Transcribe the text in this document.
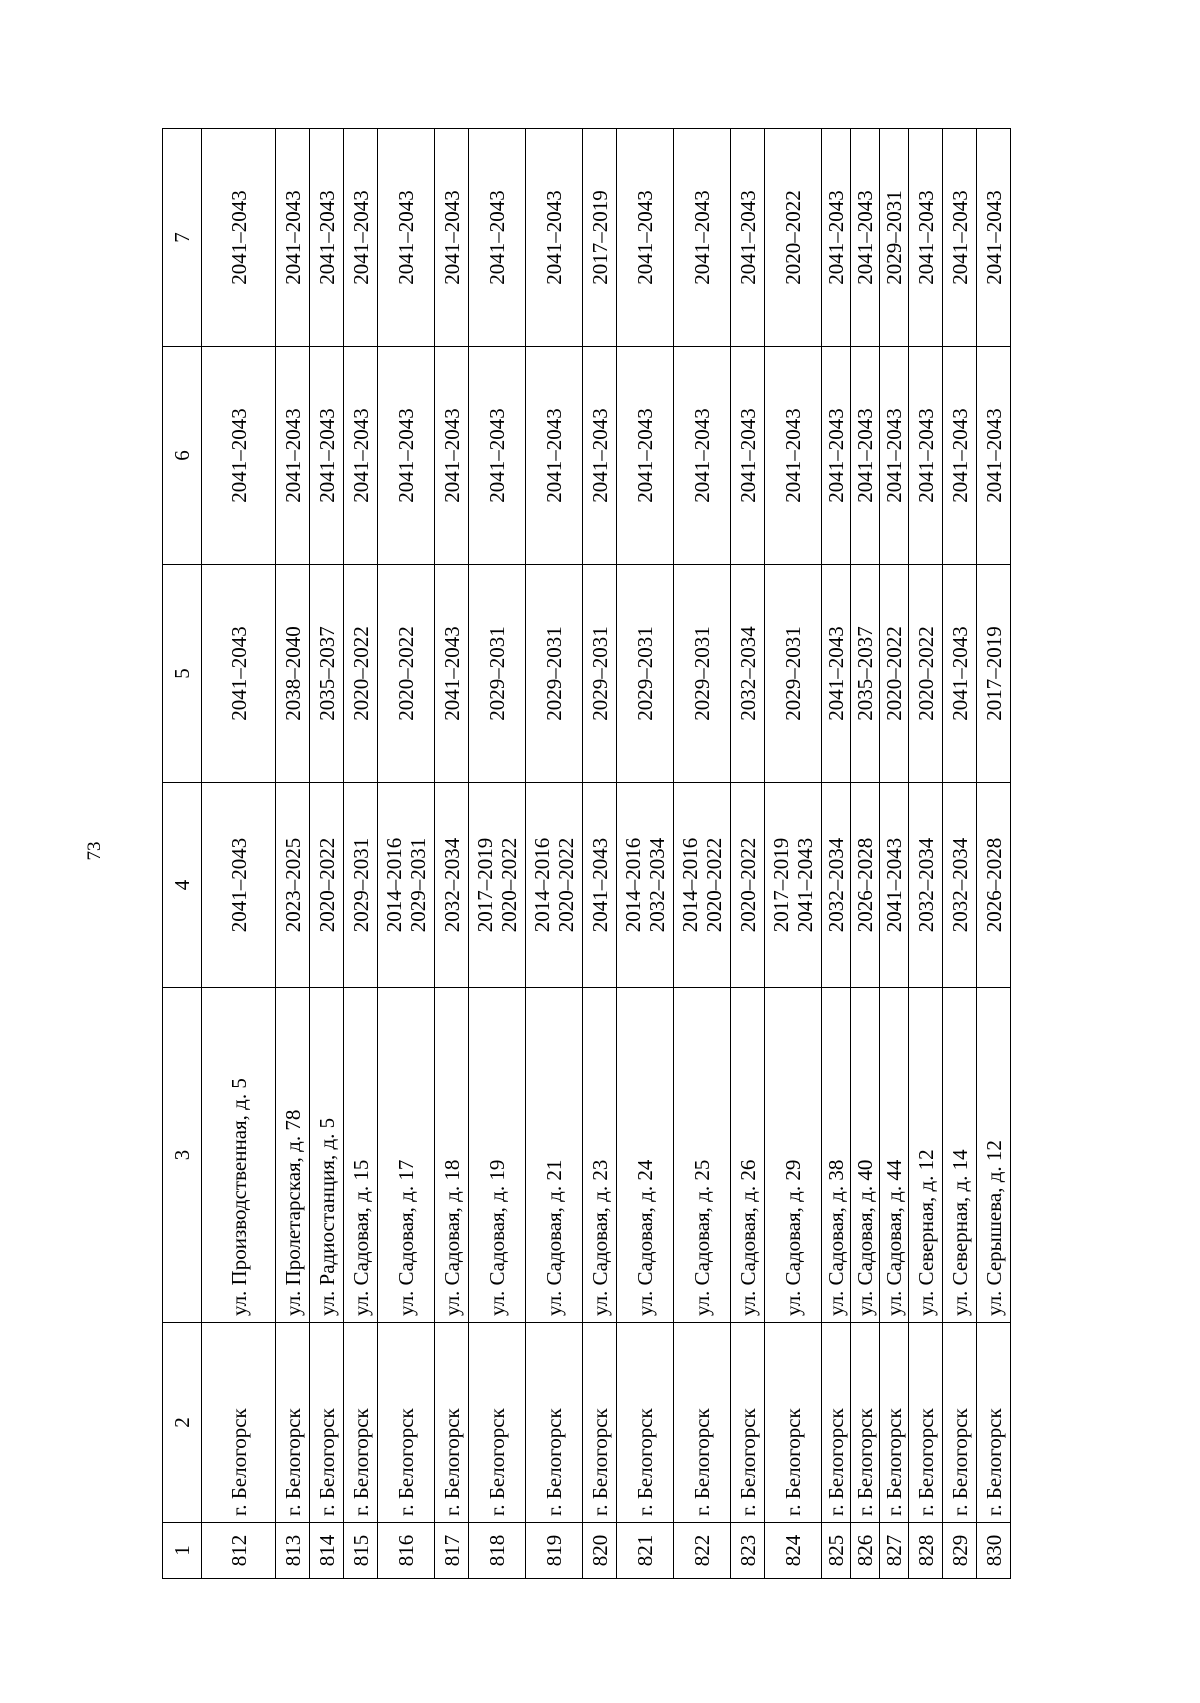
73
1	2	3	4	5	6	7
812	г. Белогорск	ул. Производственная, д. 5	2041–2043	2041–2043	2041–2043	2041–2043

813	г. Белогорск	ул. Пролетарская, д. 78	2023–2025	2038–2040	2041–2043	2041–2043

814	г. Белогорск	ул. Радиостанция, д. 5	2020–2022	2035–2037	2041–2043	2041–2043

815	г. Белогорск	ул. Садовая, д. 15	2029–2031	2020–2022	2041–2043	2041–2043

816	г. Белогорск	ул. Садовая, д. 17	2014–2016 2029–2031	2020–2022	2041–2043	2041–2043

817	г. Белогорск	ул. Садовая, д. 18	2032–2034	2041–2043	2041–2043	2041–2043

818	г. Белогорск	ул. Садовая, д. 19	2017–2019 2020–2022	2029–2031	2041–2043	2041–2043

819	г. Белогорск	ул. Садовая, д. 21	2014–2016 2020–2022	2029–2031	2041–2043	2041–2043

820	г. Белогорск	ул. Садовая, д. 23	2041–2043	2029–2031	2041–2043	2017–2019

821	г. Белогорск	ул. Садовая, д. 24	2014–2016 2032–2034	2029–2031	2041–2043	2041–2043

822	г. Белогорск	ул. Садовая, д. 25	2014–2016 2020–2022	2029–2031	2041–2043	2041–2043

823	г. Белогорск	ул. Садовая, д. 26	2020–2022	2032–2034	2041–2043	2041–2043

824	г. Белогорск	ул. Садовая, д. 29	2017–2019 2041–2043	2029–2031	2041–2043	2020–2022

825	г. Белогорск	ул. Садовая, д. 38	2032–2034	2041–2043	2041–2043	2041–2043

826	г. Белогорск	ул. Садовая, д. 40	2026–2028	2035–2037	2041–2043	2041–2043

827	г. Белогорск	ул. Садовая, д. 44	2041–2043	2020–2022	2041–2043	2029–2031

828	г. Белогорск	ул. Северная, д. 12	2032–2034	2020–2022	2041–2043	2041–2043

829	г. Белогорск	ул. Северная, д. 14	2032–2034	2041–2043	2041–2043	2041–2043

830	г. Белогорск	ул. Серышева, д. 12	2026–2028	2017–2019	2041–2043	2041–2043
